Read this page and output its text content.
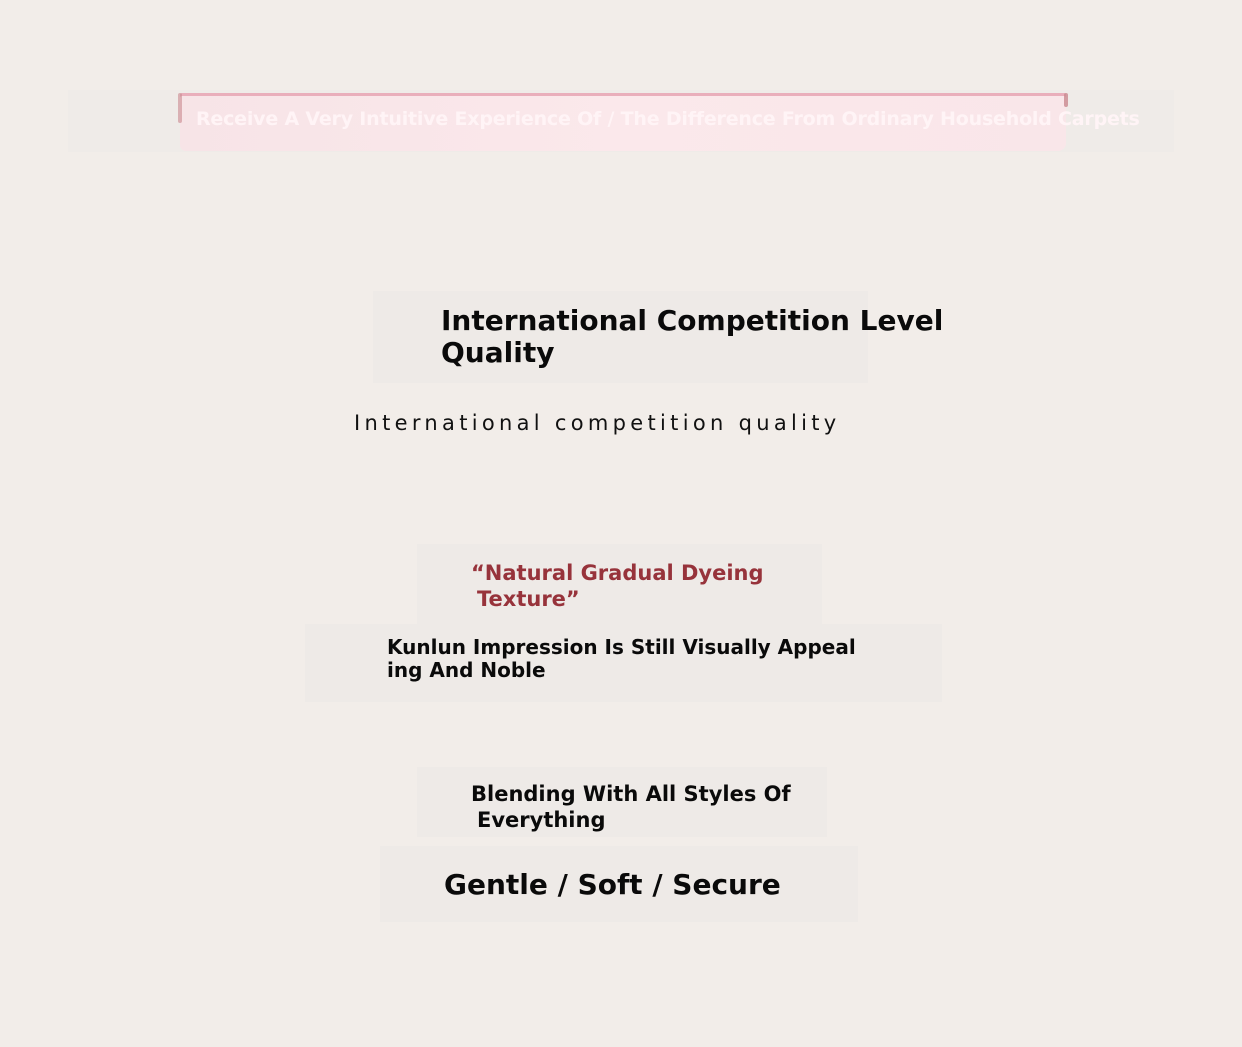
Receive A Very Intuitive Experience Of / The Difference From Ordinary Household Carpets
International Competition Level Quality
International competition quality
“Natural Gradual Dyeing
Texture”
Kunlun Impression Is Still Visually Appealing And Noble
Blending With All Styles Of
Everything
Gentle / Soft / Secure
